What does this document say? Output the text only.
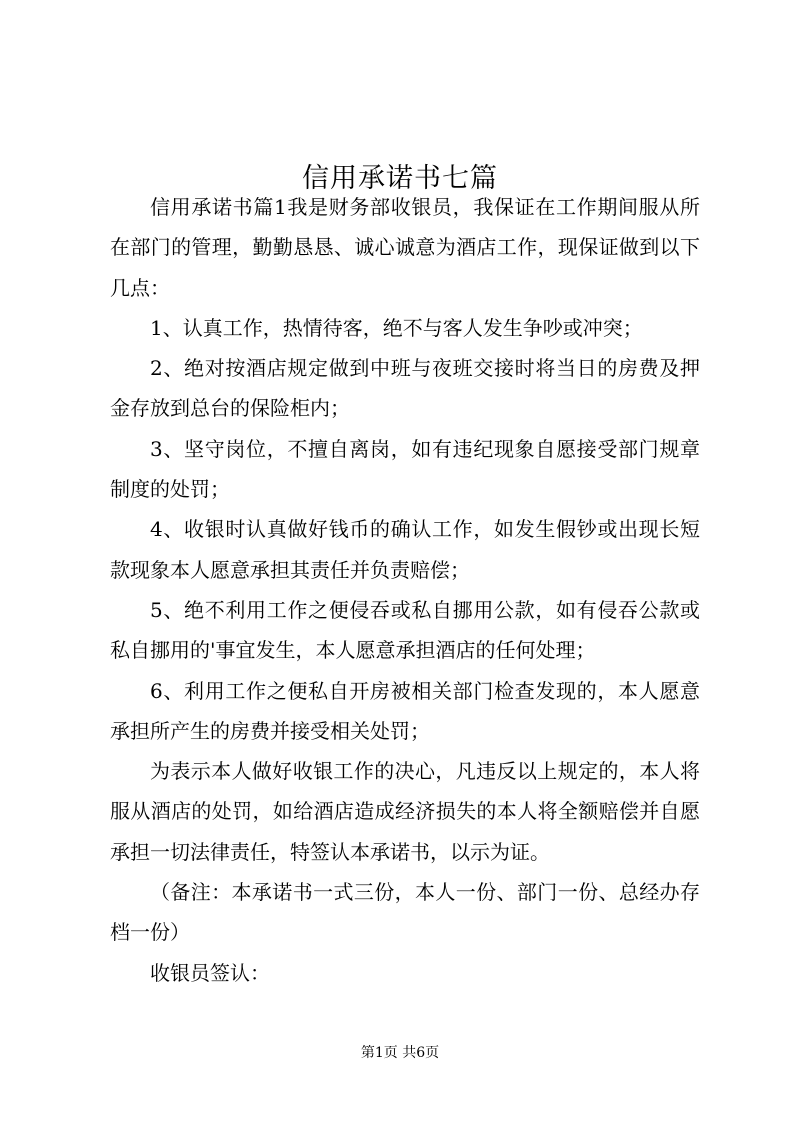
信用承诺书七篇

信用承诺书篇1我是财务部收银员，我保证在工作期间服从所在部门的管理，勤勤恳恳、诚心诚意为酒店工作，现保证做到以下几点：

1、认真工作，热情待客，绝不与客人发生争吵或冲突；

2、绝对按酒店规定做到中班与夜班交接时将当日的房费及押金存放到总台的保险柜内；

3、坚守岗位，不擅自离岗，如有违纪现象自愿接受部门规章制度的处罚；

4、收银时认真做好钱币的确认工作，如发生假钞或出现长短款现象本人愿意承担其责任并负责赔偿；

5、绝不利用工作之便侵吞或私自挪用公款，如有侵吞公款或私自挪用的'事宜发生，本人愿意承担酒店的任何处理；

6、利用工作之便私自开房被相关部门检查发现的，本人愿意承担所产生的房费并接受相关处罚；

为表示本人做好收银工作的决心，凡违反以上规定的，本人将服从酒店的处罚，如给酒店造成经济损失的本人将全额赔偿并自愿承担一切法律责任，特签认本承诺书，以示为证。

（备注：本承诺书一式三份，本人一份、部门一份、总经办存档一份）

收银员签认：

第1页 共6页
